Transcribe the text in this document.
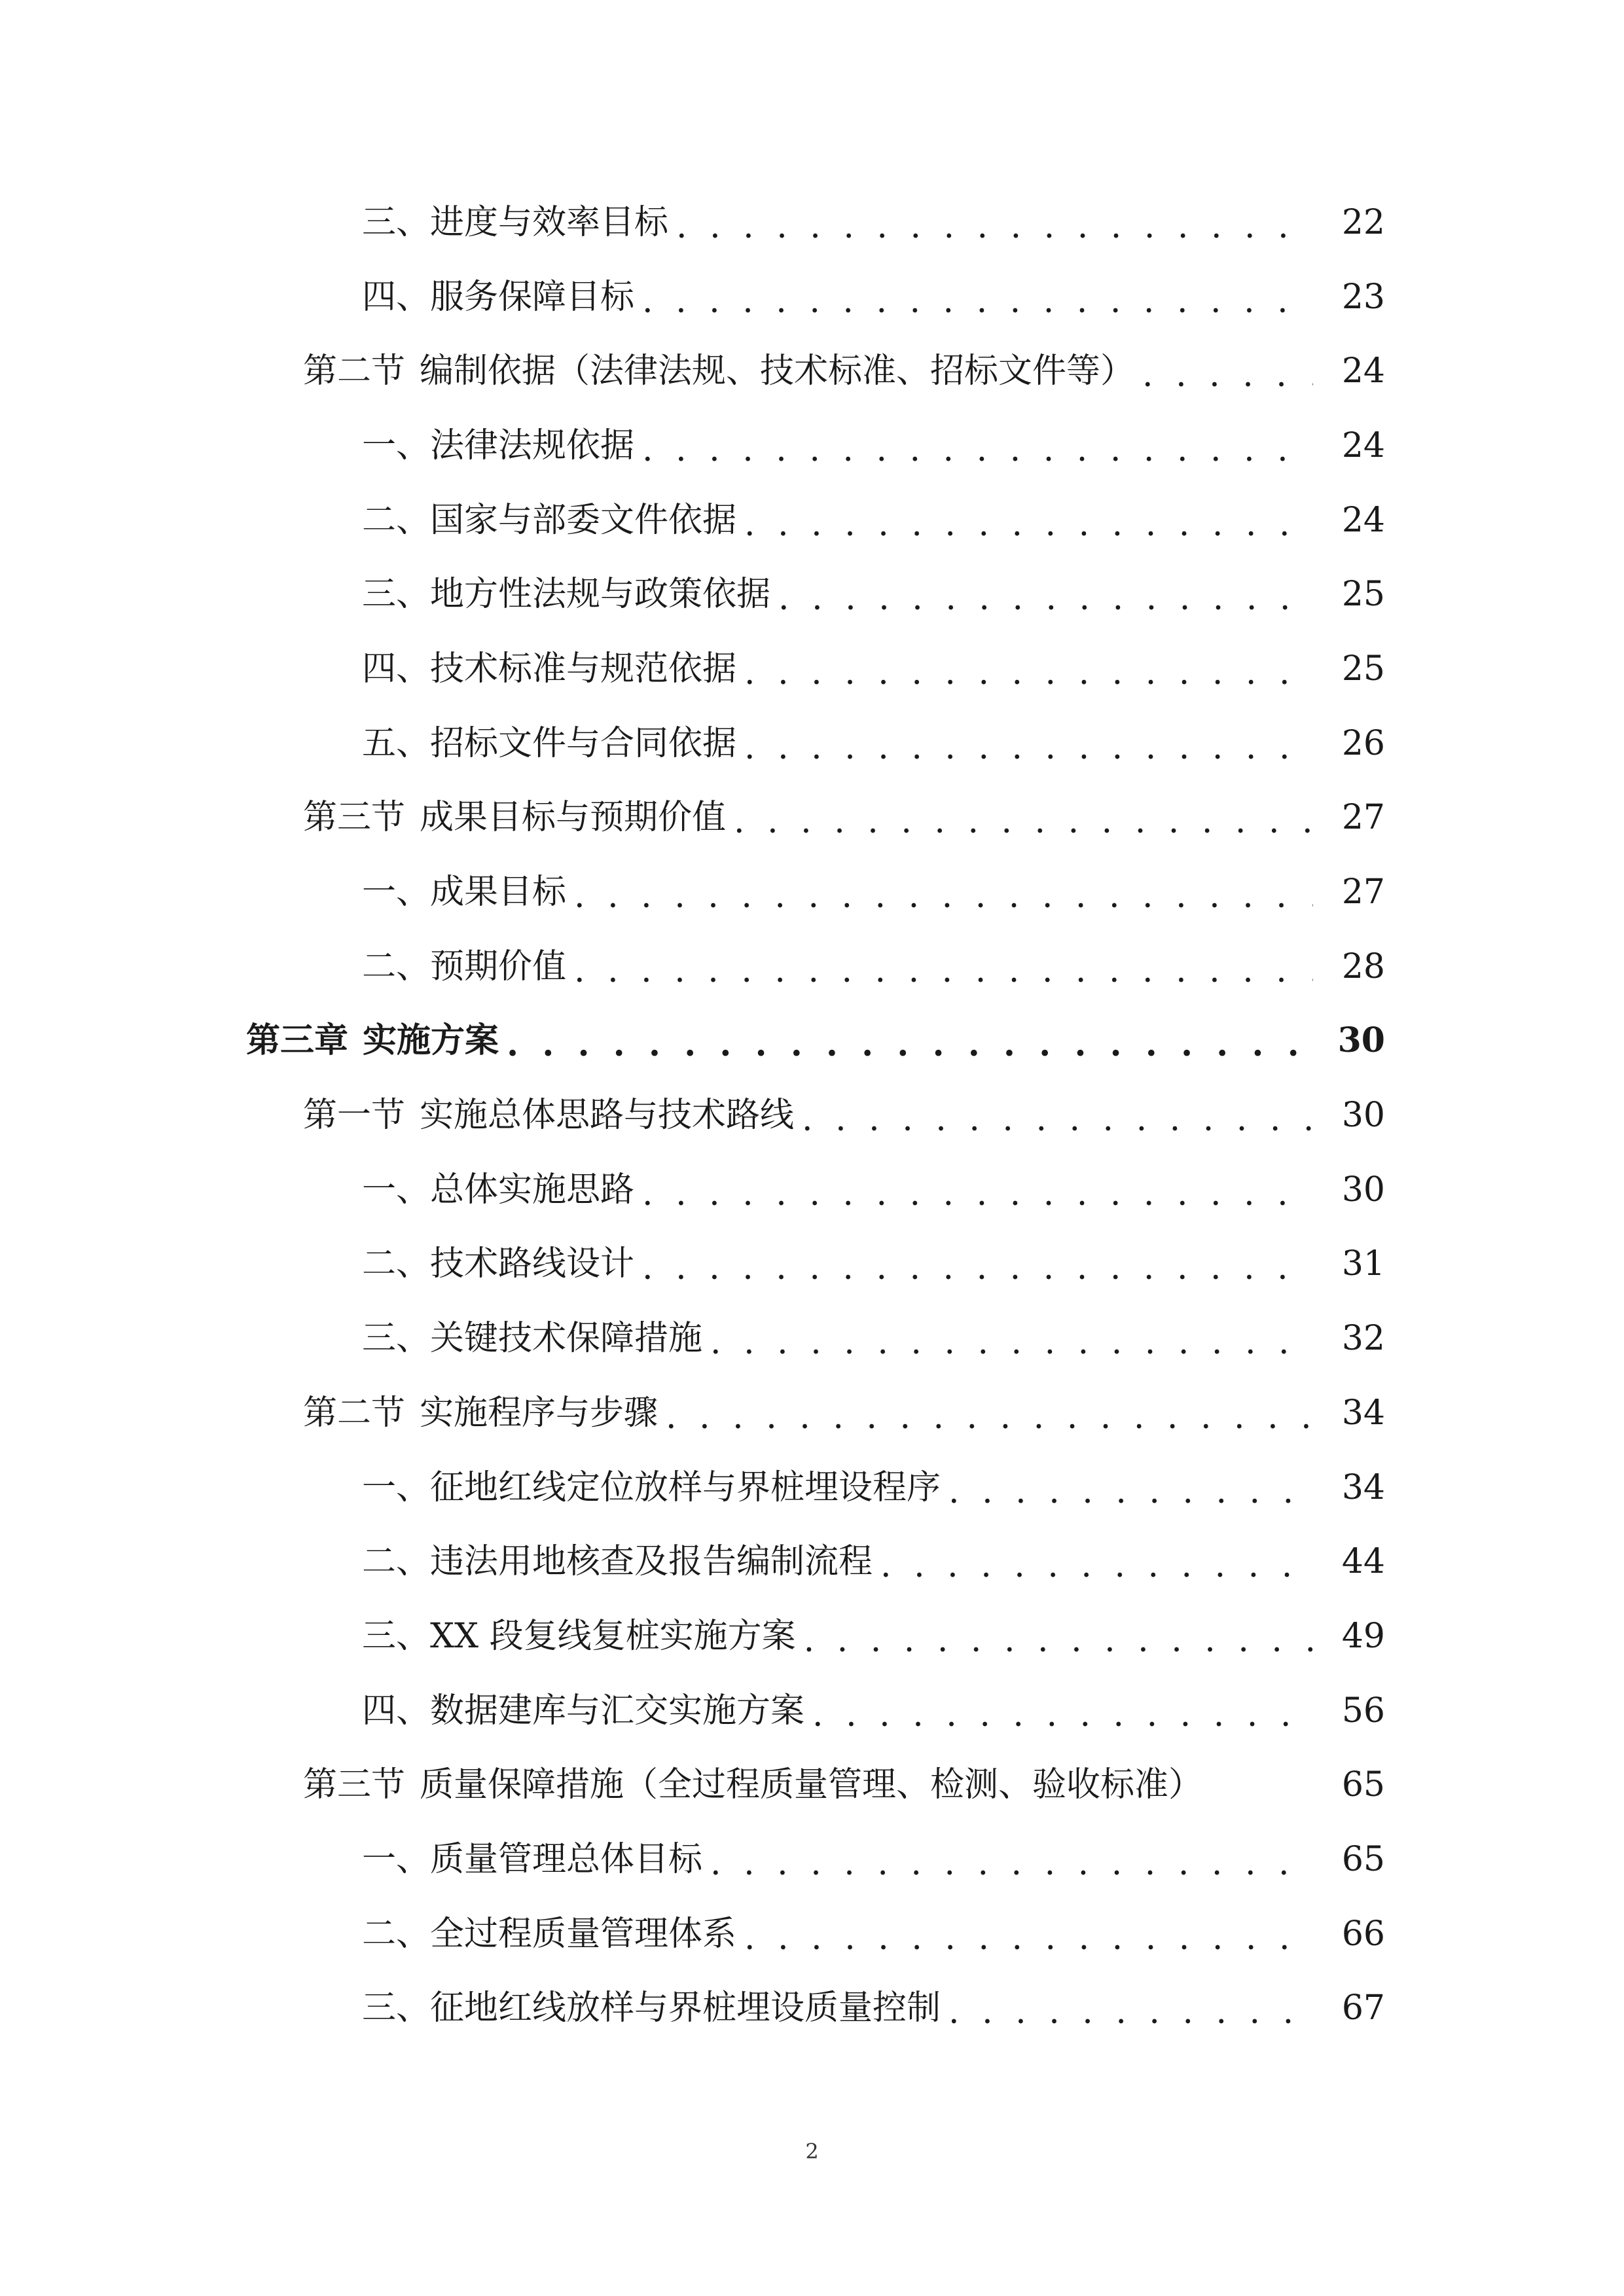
三、 进度与效率目标 . . .	22
四、 服务保障目标 . . .	23
第二节 编制依据（法律法规、技术标准、招标文件等） . . .	24
一、 法律法规依据 . . .	24
二、 国家与部委文件依据 . . .	24
三、 地方性法规与政策依据 . . .	25
四、 技术标准与规范依据 . . .	25
五、 招标文件与合同依据 . . .	26
第三节 成果目标与预期价值 . . .	27
一、 成果目标 . . .	27
二、 预期价值 . . .	28
第三章 实施方案 . . .	30
第一节 实施总体思路与技术路线 . . .	30
一、 总体实施思路 . . .	30
二、 技术路线设计 . . .	31
三、 关键技术保障措施 . . .	32
第二节 实施程序与步骤 . . .	34
一、 征地红线定位放样与界桩埋设程序 . . .	34
二、 违法用地核查及报告编制流程 . . .	44
三、 XX 段复线复桩实施方案 . . .	49
四、 数据建库与汇交实施方案 . . .	56
第三节 质量保障措施（全过程质量管理、检测、验收标准）	65
一、 质量管理总体目标 . . .	65
二、 全过程质量管理体系 . . .	66
三、 征地红线放样与界桩埋设质量控制 . . .	67
2
